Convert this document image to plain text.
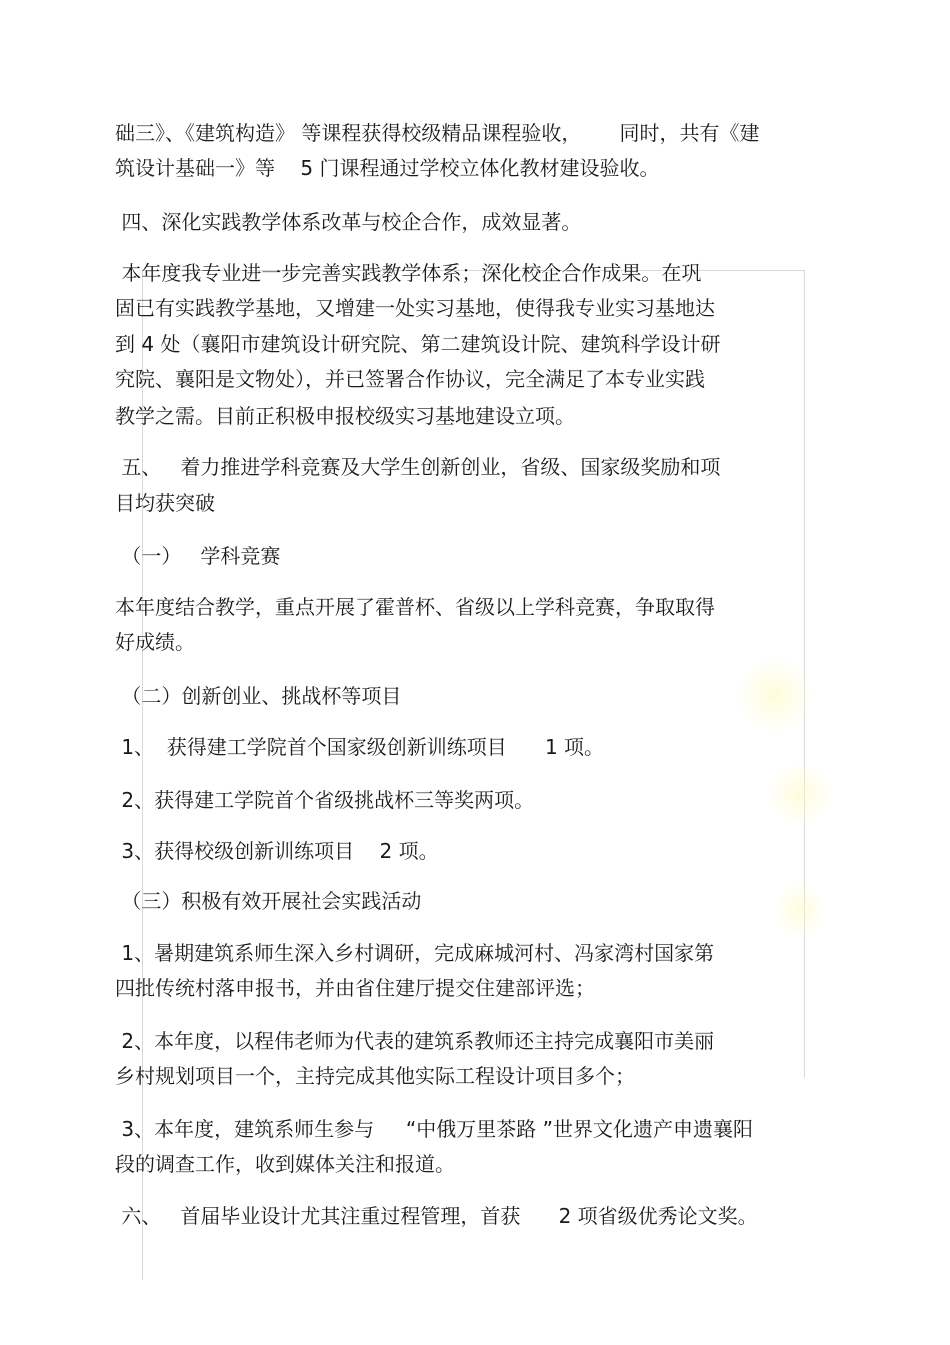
础三》、《建筑构造》 等课程获得校级精品课程验收，      同时，共有《建
筑设计基础一》等    5 门课程通过学校立体化教材建设验收。
四、深化实践教学体系改革与校企合作，成效显著。
本年度我专业进一步完善实践教学体系；深化校企合作成果。在巩
固已有实践教学基地，又增建一处实习基地，使得我专业实习基地达
到 4 处（襄阳市建筑设计研究院、第二建筑设计院、建筑科学设计研
究院、襄阳是文物处），并已签署合作协议，完全满足了本专业实践
教学之需。目前正积极申报校级实习基地建设立项。
五、   着力推进学科竞赛及大学生创新创业，省级、国家级奖励和项
目均获突破
（一）   学科竞赛
本年度结合教学，重点开展了霍普杯、省级以上学科竞赛，争取取得
好成绩。
（二）创新创业、挑战杯等项目
1、  获得建工学院首个国家级创新训练项目      1 项。
2、获得建工学院首个省级挑战杯三等奖两项。
3、获得校级创新训练项目    2 项。
（三）积极有效开展社会实践活动
1、暑期建筑系师生深入乡村调研，完成麻城河村、冯家湾村国家第
四批传统村落申报书，并由省住建厅提交住建部评选；
2、本年度，以程伟老师为代表的建筑系教师还主持完成襄阳市美丽
乡村规划项目一个，主持完成其他实际工程设计项目多个；
3、本年度，建筑系师生参与     “中俄万里茶路 ”世界文化遗产申遗襄阳
段的调查工作，收到媒体关注和报道。
六、   首届毕业设计尤其注重过程管理，首获      2 项省级优秀论文奖。
